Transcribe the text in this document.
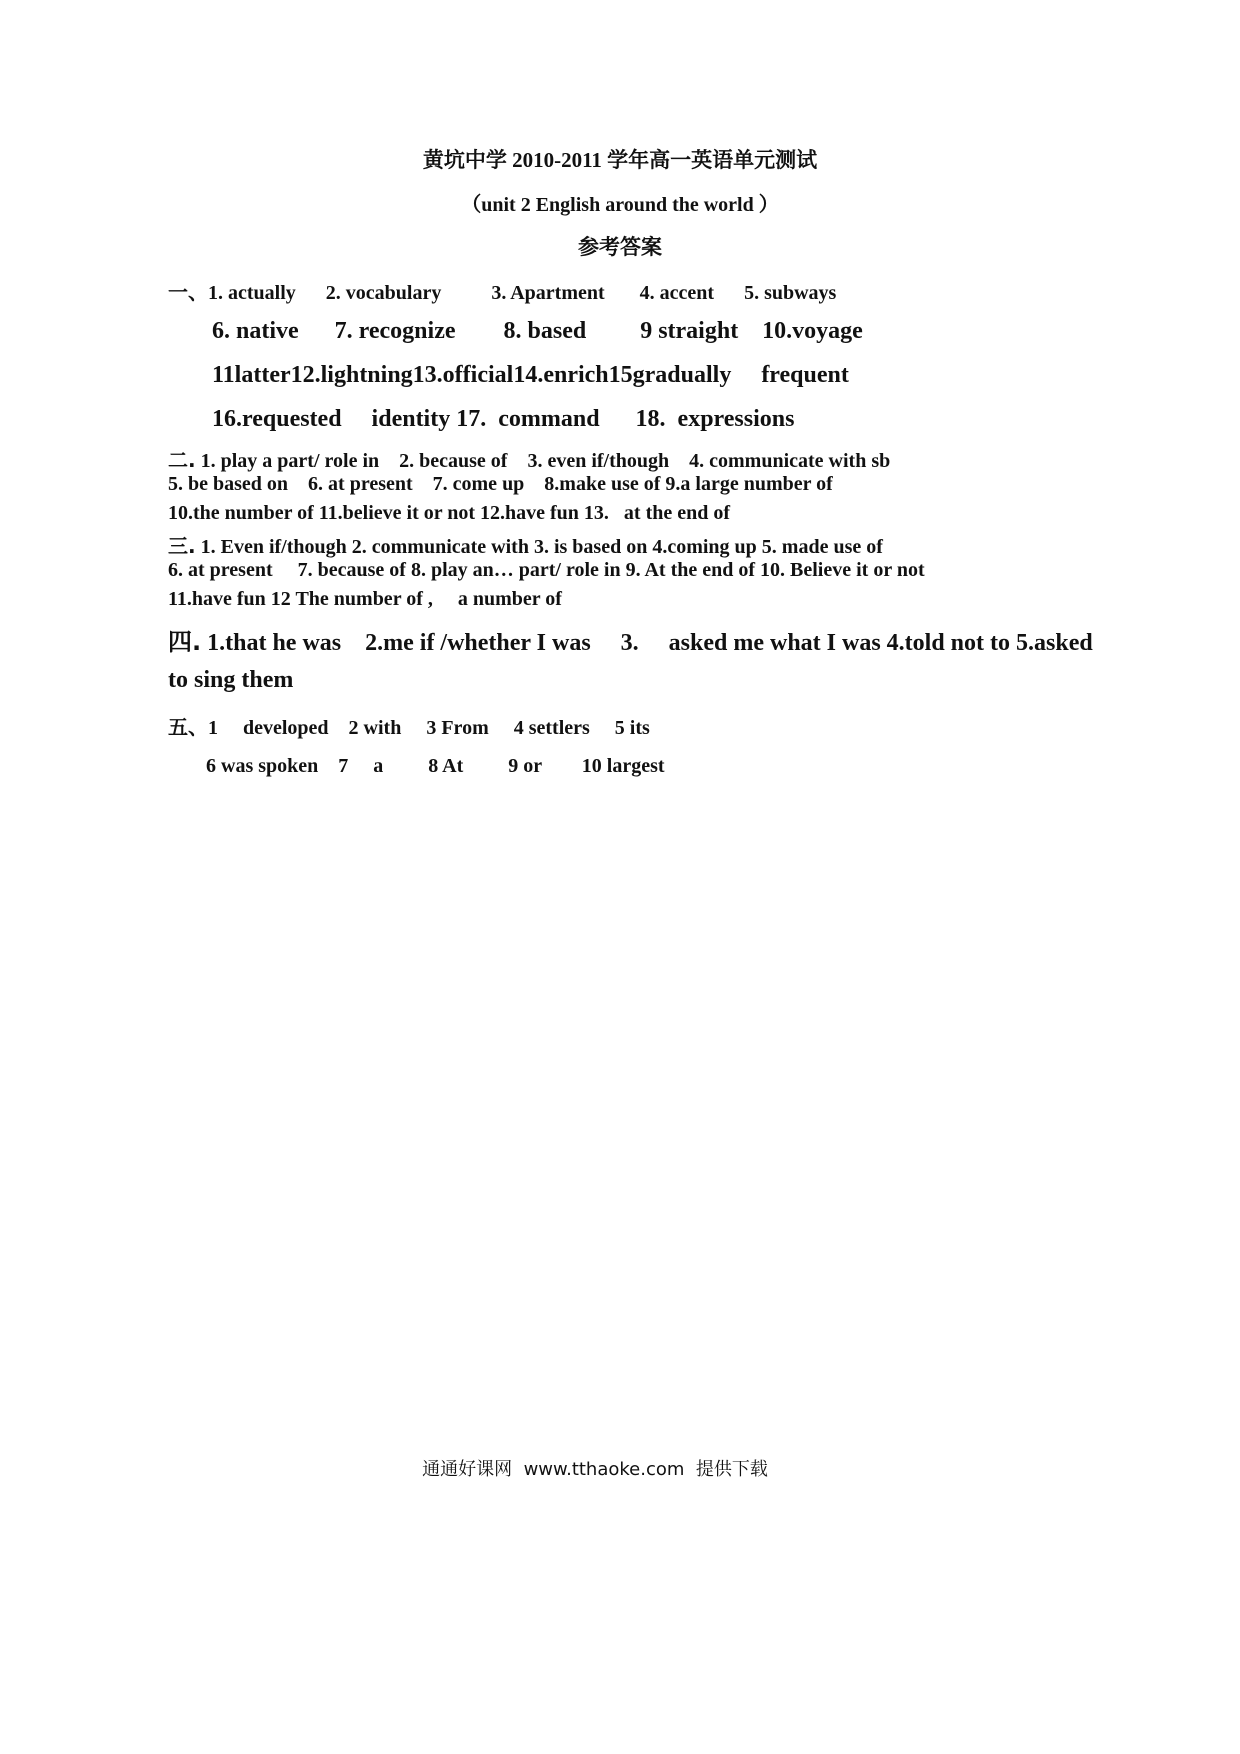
黄坑中学 2010-2011 学年高一英语单元测试
（unit 2 English around the world ）
参考答案
一、1. actually      2. vocabulary          3. Apartment       4. accent      5. subways
6. native      7. recognize        8. based         9 straight    10.voyage
11latter12.lightning13.official14.enrich15gradually     frequent
16.requested     identity 17.  command      18.  expressions
二. 1. play a part/ role in    2. because of    3. even if/though    4. communicate with sb
5. be based on    6. at present    7. come up    8.make use of 9.a large number of
10.the number of 11.believe it or not 12.have fun 13.   at the end of
三. 1. Even if/though 2. communicate with 3. is based on 4.coming up 5. made use of
6. at present     7. because of 8. play an… part/ role in 9. At the end of 10. Believe it or not
11.have fun 12 The number of ,     a number of
四. 1.that he was    2.me if /whether I was     3.     asked me what I was 4.told not to 5.asked
to sing them
五、1     developed    2 with     3 From     4 settlers     5 its
6 was spoken    7     a         8 At         9 or        10 largest
通通好课网  www.tthaoke.com  提供下载
